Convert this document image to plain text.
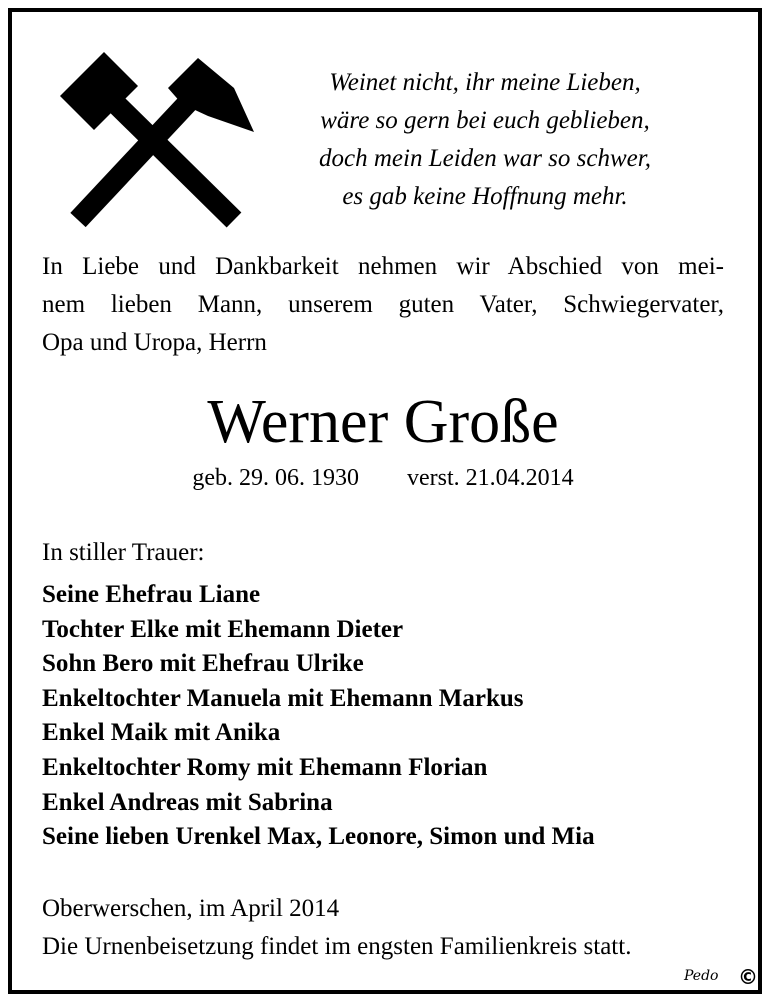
Weinet nicht, ihr meine Lieben,
wäre so gern bei euch geblieben,
doch mein Leiden war so schwer,
es gab keine Hoffnung mehr.
In Liebe und Dankbarkeit nehmen wir Abschied von mei-
nem lieben Mann, unserem guten Vater, Schwiegervater,
Opa und Uropa, Herrn
Werner Große
geb. 29. 06. 1930 verst. 21.04.2014
In stiller Trauer:
Seine Ehefrau Liane
Tochter Elke mit Ehemann Dieter
Sohn Bero mit Ehefrau Ulrike
Enkeltochter Manuela mit Ehemann Markus
Enkel Maik mit Anika
Enkeltochter Romy mit Ehemann Florian
Enkel Andreas mit Sabrina
Seine lieben Urenkel Max, Leonore, Simon und Mia
Oberwerschen, im April 2014
Die Urnenbeisetzung findet im engsten Familienkreis statt.
Pedo ©
